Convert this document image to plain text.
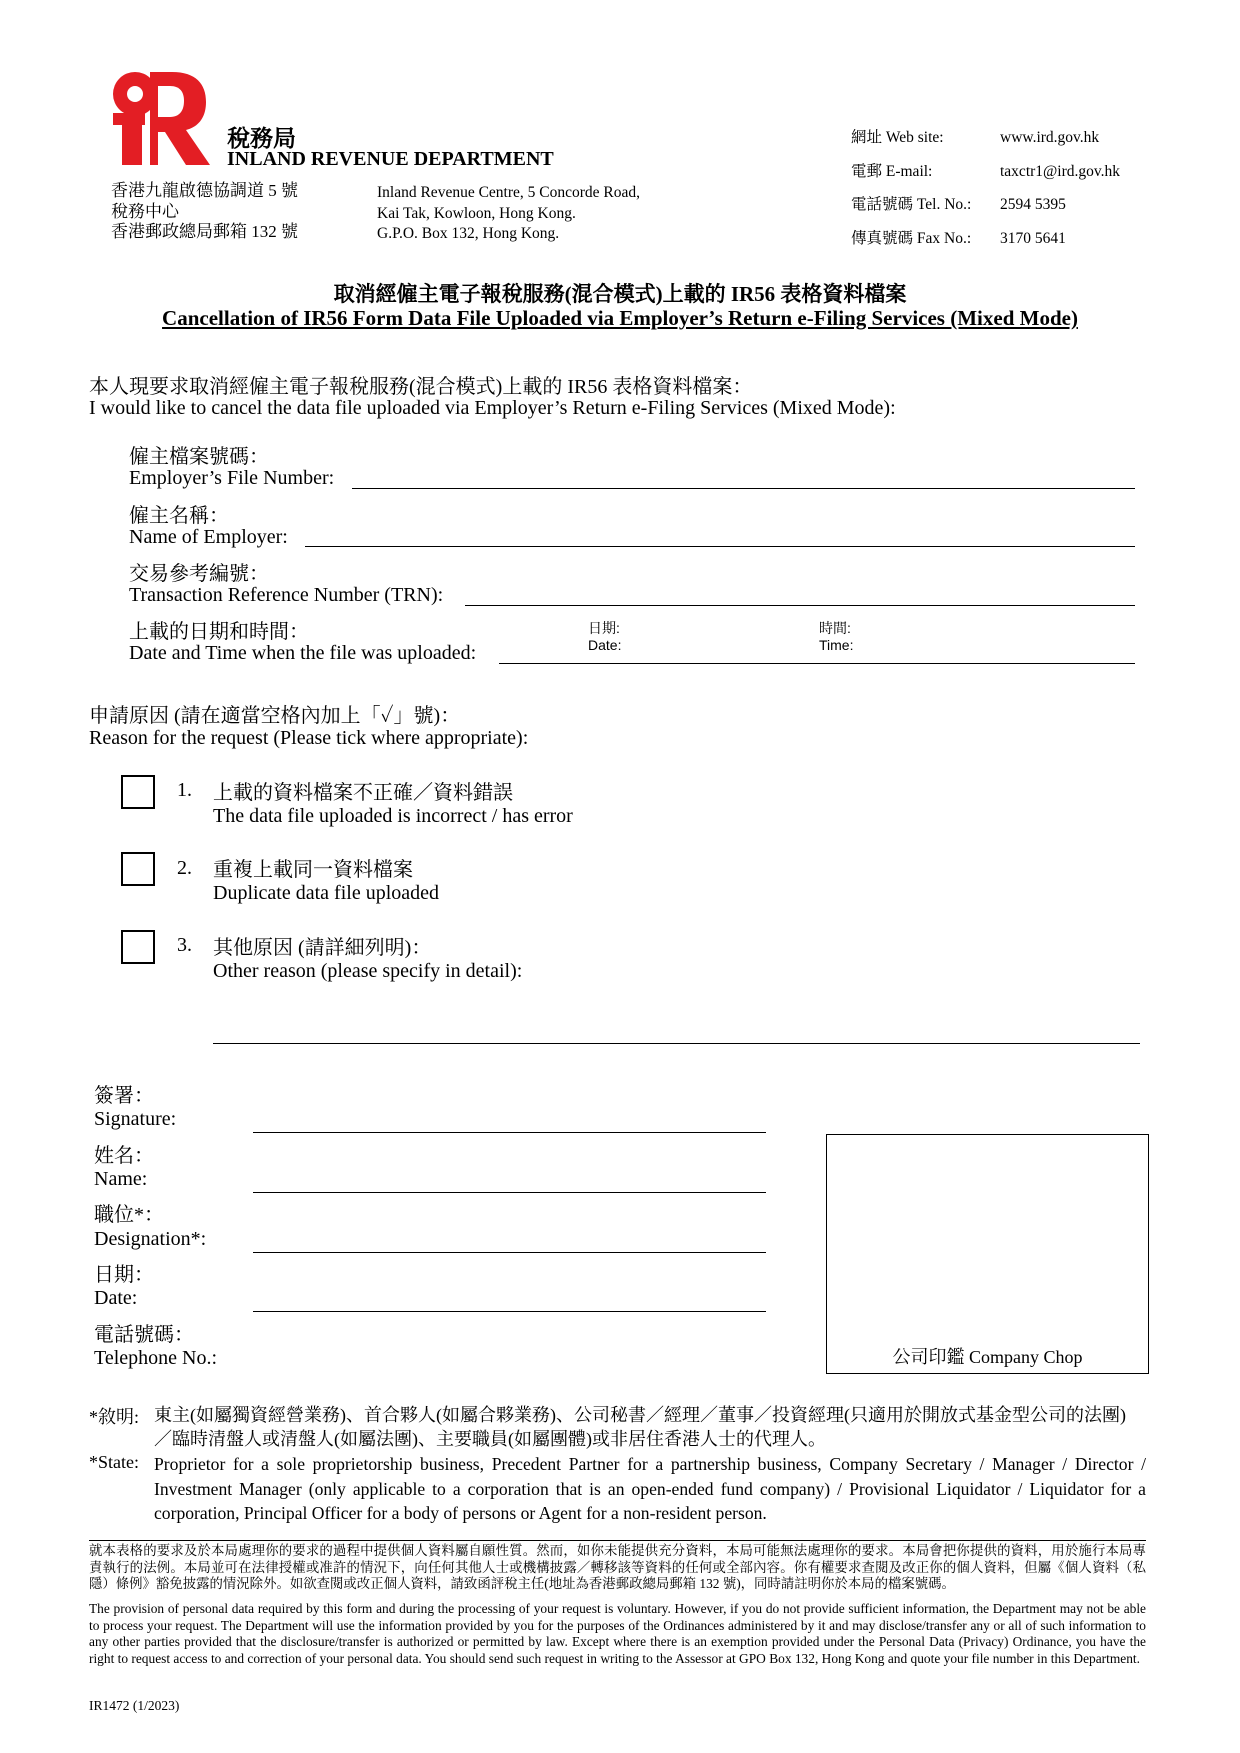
稅務局
INLAND REVENUE DEPARTMENT
香港九龍啟德協調道 5 號
稅務中心
香港郵政總局郵箱 132 號
Inland Revenue Centre, 5 Concorde Road,
Kai Tak, Kowloon, Hong Kong.
G.P.O. Box 132, Hong Kong.
網址 Web site:	www.ird.gov.hk
電郵 E-mail:	taxctr1@ird.gov.hk
電話號碼 Tel. No.: 2594 5395
傳真號碼 Fax No.: 3170 5641
取消經僱主電子報稅服務(混合模式)上載的 IR56 表格資料檔案
Cancellation of IR56 Form Data File Uploaded via Employer’s Return e-Filing Services (Mixed Mode)
本人現要求取消經僱主電子報稅服務(混合模式)上載的 IR56 表格資料檔案：
I would like to cancel the data file uploaded via Employer’s Return e-Filing Services (Mixed Mode):
僱主檔案號碼：
Employer’s File Number:
僱主名稱：
Name of Employer:
交易參考編號：
Transaction Reference Number (TRN):
上載的日期和時間：
Date and Time when the file was uploaded:
日期:
Date:
時間:
Time:
申請原因 (請在適當空格內加上「✓」號)：
Reason for the request (Please tick where appropriate):
1. 上載的資料檔案不正確／資料錯誤
The data file uploaded is incorrect / has error
2. 重複上載同一資料檔案
Duplicate data file uploaded
3. 其他原因 (請詳細列明)：
Other reason (please specify in detail):
簽署：
Signature:
姓名：
Name:
職位*：
Designation*:
日期：
Date:
電話號碼：
Telephone No.:	公司印鑑 Company Chop
*敘明: 東主(如屬獨資經營業務)、首合夥人(如屬合夥業務)、公司秘書／經理／董事／投資經理(只適用於開放式基金型公司的法團) ／臨時清盤人或清盤人(如屬法團)、主要職員(如屬團體)或非居住香港人士的代理人。
*State: Proprietor for a sole proprietorship business, Precedent Partner for a partnership business, Company Secretary / Manager / Director / Investment Manager (only applicable to a corporation that is an open-ended fund company) / Provisional Liquidator / Liquidator for a corporation, Principal Officer for a body of persons or Agent for a non-resident person.
就本表格的要求及於本局處理你的要求的過程中提供個人資料屬自願性質。然而，如你未能提供充分資料，本局可能無法處理你的要求。本局會把你提供的資料，用於施行本局專責執行的法例。本局並可在法律授權或准許的情況下，向任何其他人士或機構披露／轉移該等資料的任何或全部內容。你有權要求查閱及改正你的個人資料，但屬《個人資料（私隱）條例》豁免披露的情況除外。如欲查閱或改正個人資料，請致函評稅主任(地址為香港郵政總局郵箱 132 號)，同時請註明你於本局的檔案號碼。
The provision of personal data required by this form and during the processing of your request is voluntary. However, if you do not provide sufficient information, the Department may not be able to process your request. The Department will use the information provided by you for the purposes of the Ordinances administered by it and may disclose/transfer any or all of such information to any other parties provided that the disclosure/transfer is authorized or permitted by law. Except where there is an exemption provided under the Personal Data (Privacy) Ordinance, you have the right to request access to and correction of your personal data. You should send such request in writing to the Assessor at GPO Box 132, Hong Kong and quote your file number in this Department.
IR1472 (1/2023)
